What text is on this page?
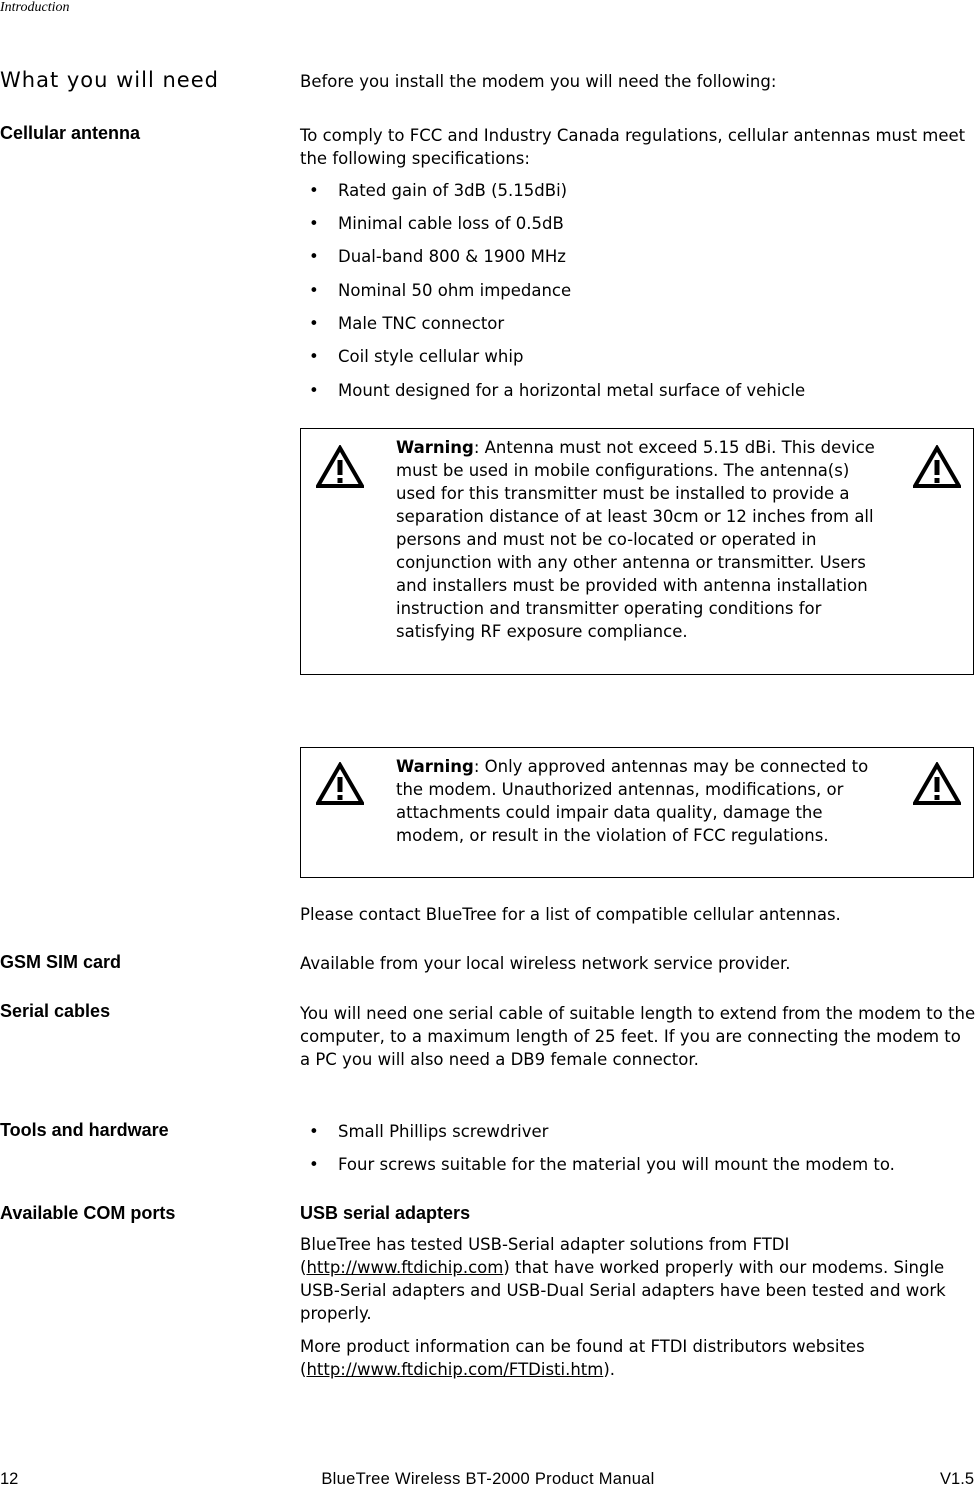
Introduction
What you will need	Before you install the modem you will need the following:
Cellular antenna	To comply to FCC and Industry Canada regulations, cellular antennas must meet the following specifications:
• Rated gain of 3dB (5.15dBi)
• Minimal cable loss of 0.5dB
• Dual-band 800 & 1900 MHz
• Nominal 50 ohm impedance
• Male TNC connector
• Coil style cellular whip
• Mount designed for a horizontal metal surface of vehicle
Warning: Antenna must not exceed 5.15 dBi. This device must be used in mobile configurations. The antenna(s) used for this transmitter must be installed to provide a separation distance of at least 30cm or 12 inches from all persons and must not be co-located or operated in conjunction with any other antenna or transmitter. Users and installers must be provided with antenna installation instruction and transmitter operating conditions for satisfying RF exposure compliance.
Warning: Only approved antennas may be connected to the modem. Unauthorized antennas, modifications, or attachments could impair data quality, damage the modem, or result in the violation of FCC regulations.
Please contact BlueTree for a list of compatible cellular antennas.
GSM SIM card	Available from your local wireless network service provider.
Serial cables	You will need one serial cable of suitable length to extend from the modem to the computer, to a maximum length of 25 feet. If you are connecting the modem to a PC you will also need a DB9 female connector.
Tools and hardware	• Small Phillips screwdriver
• Four screws suitable for the material you will mount the modem to.
Available COM ports	USB serial adapters

BlueTree has tested USB-Serial adapter solutions from FTDI (http://www.ftdichip.com) that have worked properly with our modems. Single USB-Serial adapters and USB-Dual Serial adapters have been tested and work properly.

More product information can be found at FTDI distributors websites (http://www.ftdichip.com/FTDisti.htm).

12	BlueTree Wireless BT-2000 Product Manual	V1.5
